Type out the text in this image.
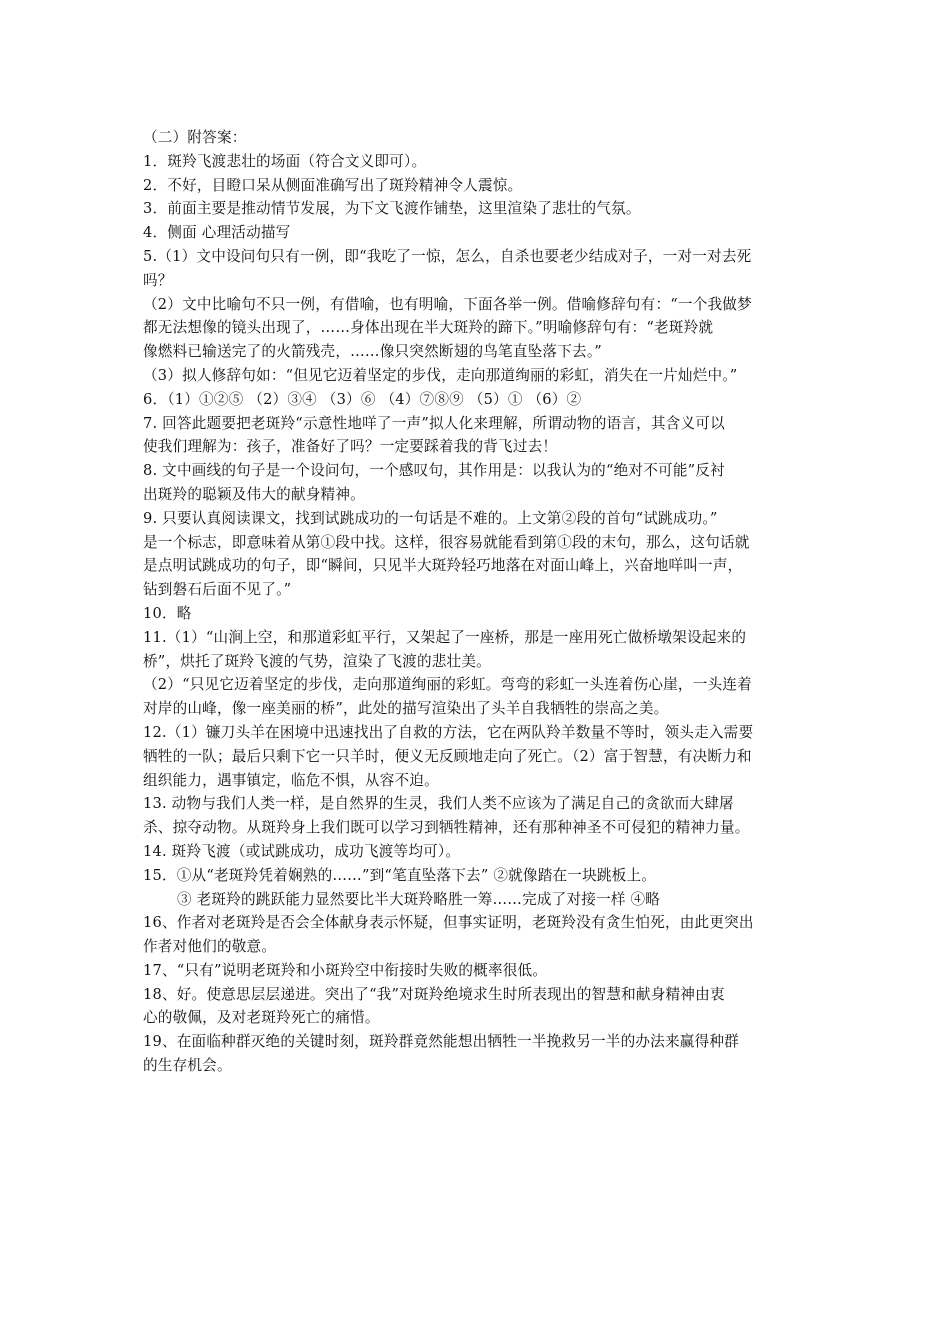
（二）附答案：
1．斑羚飞渡悲壮的场面（符合文义即可）。
2．不好，目瞪口呆从侧面准确写出了斑羚精神令人震惊。
3．前面主要是推动情节发展，为下文飞渡作铺垫，这里渲染了悲壮的气氛。
4．侧面 心理活动描写
5.（1）文中设问句只有一例，即“我吃了一惊，怎么，自杀也要老少结成对子，一对一对去死
吗？
（2）文中比喻句不只一例，有借喻，也有明喻，下面各举一例。借喻修辞句有：“一个我做梦
都无法想像的镜头出现了，……身体出现在半大斑羚的蹄下。”明喻修辞句有：“老斑羚就
像燃料已输送完了的火箭残壳，……像只突然断翅的鸟笔直坠落下去。”
（3）拟人修辞句如：“但见它迈着坚定的步伐，走向那道绚丽的彩虹，消失在一片灿烂中。”
6．（1）①②⑤ （2）③④ （3）⑥ （4）⑦⑧⑨ （5）① （6）②
7. 回答此题要把老斑羚“示意性地咩了一声”拟人化来理解，所谓动物的语言，其含义可以
使我们理解为：孩子，准备好了吗？一定要踩着我的背飞过去！
8. 文中画线的句子是一个设问句，一个感叹句，其作用是：以我认为的“绝对不可能”反衬
出斑羚的聪颖及伟大的献身精神。
9. 只要认真阅读课文，找到试跳成功的一句话是不难的。上文第②段的首句“试跳成功。”
是一个标志，即意味着从第①段中找。这样，很容易就能看到第①段的末句，那么，这句话就
是点明试跳成功的句子，即“瞬间，只见半大斑羚轻巧地落在对面山峰上，兴奋地咩叫一声，
钻到磐石后面不见了。”
10．略
11.（1）“山涧上空，和那道彩虹平行，又架起了一座桥，那是一座用死亡做桥墩架设起来的
桥”，烘托了斑羚飞渡的气势，渲染了飞渡的悲壮美。
（2）“只见它迈着坚定的步伐，走向那道绚丽的彩虹。弯弯的彩虹一头连着伤心崖，一头连着
对岸的山峰，像一座美丽的桥”，此处的描写渲染出了头羊自我牺牲的崇高之美。
12.（1）镰刀头羊在困境中迅速找出了自救的方法，它在两队羚羊数量不等时，领头走入需要
牺牲的一队；最后只剩下它一只羊时，便义无反顾地走向了死亡。（2）富于智慧，有决断力和
组织能力，遇事镇定，临危不惧，从容不迫。
13. 动物与我们人类一样，是自然界的生灵，我们人类不应该为了满足自己的贪欲而大肆屠
杀、掠夺动物。从斑羚身上我们既可以学习到牺牲精神，还有那种神圣不可侵犯的精神力量。
14. 斑羚飞渡（或试跳成功，成功飞渡等均可）。
15．①从“老斑羚凭着娴熟的……”到“笔直坠落下去” ②就像踏在一块跳板上。
③ 老斑羚的跳跃能力显然要比半大斑羚略胜一筹……完成了对接一样 ④略
16、作者对老斑羚是否会全体献身表示怀疑，但事实证明，老斑羚没有贪生怕死，由此更突出
作者对他们的敬意。
17、“只有”说明老斑羚和小斑羚空中衔接时失败的概率很低。
18、好。使意思层层递进。突出了“我”对斑羚绝境求生时所表现出的智慧和献身精神由衷
心的敬佩，及对老斑羚死亡的痛惜。
19、在面临种群灭绝的关键时刻，斑羚群竟然能想出牺牲一半挽救另一半的办法来赢得种群
的生存机会。
